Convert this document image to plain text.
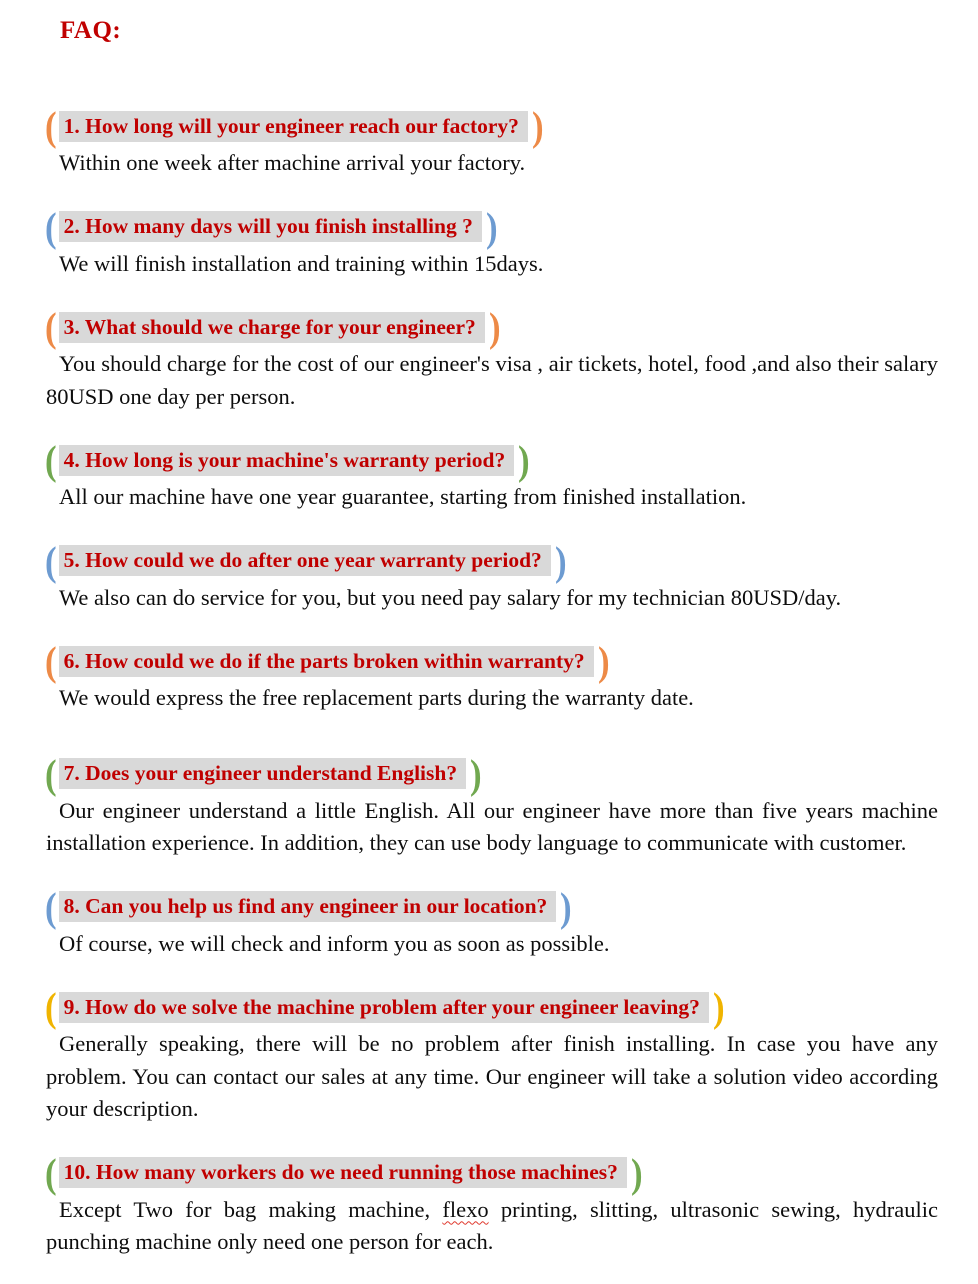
FAQ:
( 1. How long will your engineer reach our factory? )

Within one week after machine arrival your factory.

( 2. How many days will you finish installing ? )

We will finish installation and training within 15days.

( 3. What should we charge for your engineer? )

You should charge for the cost of our engineer's visa , air tickets, hotel, food ,and also their salary 80USD one day per person.

( 4. How long is your machine's warranty period? )

All our machine have one year guarantee, starting from finished installation.

( 5. How could we do after one year warranty period? )

We also can do service for you, but you need pay salary for my technician 80USD/day.

( 6. How could we do if the parts broken within warranty? )

We would express the free replacement parts during the warranty date.

( 7. Does your engineer understand English? )

Our engineer understand a little English. All our engineer have more than five years machine installation experience. In addition, they can use body language to communicate with customer.

( 8. Can you help us find any engineer in our location? )

Of course, we will check and inform you as soon as possible.

( 9. How do we solve the machine problem after your engineer leaving? )

Generally speaking, there will be no problem after finish installing. In case you have any problem. You can contact our sales at any time. Our engineer will take a solution video according your description.

( 10. How many workers do we need running those machines? )

Except Two for bag making machine, flexo printing, slitting, ultrasonic sewing, hydraulic punching machine only need one person for each.
